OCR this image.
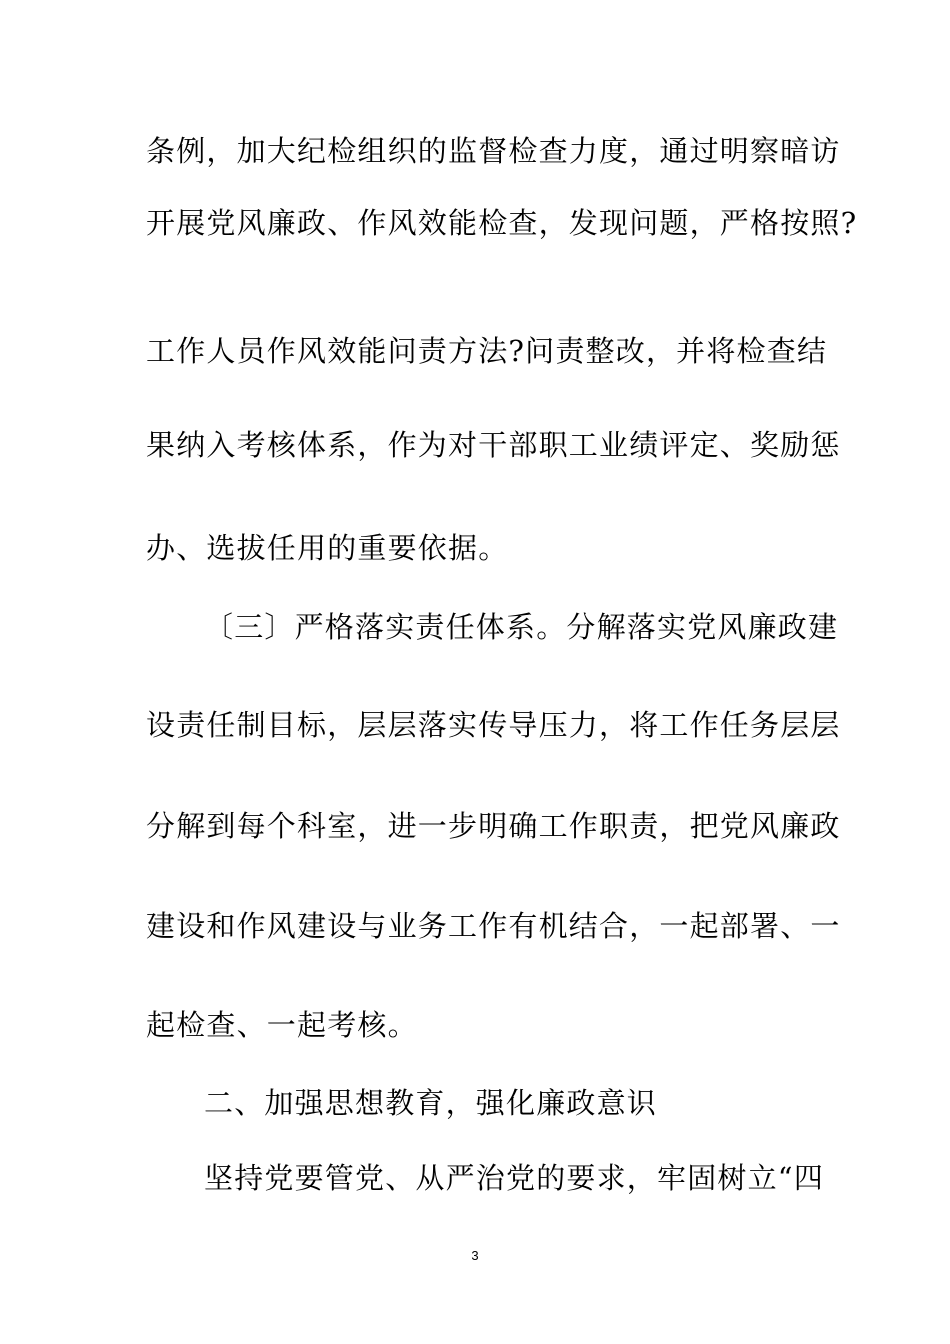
条例，加大纪检组织的监督检查力度，通过明察暗访
开展党风廉政、作风效能检查，发现问题，严格按照?
工作人员作风效能问责方法?问责整改，并将检查结
果纳入考核体系，作为对干部职工业绩评定、奖励惩
办、选拔任用的重要依据。
〔三〕严格落实责任体系。分解落实党风廉政建
设责任制目标，层层落实传导压力，将工作任务层层
分解到每个科室，进一步明确工作职责，把党风廉政
建设和作风建设与业务工作有机结合，一起部署、一
起检查、一起考核。
二、加强思想教育，强化廉政意识
坚持党要管党、从严治党的要求，牢固树立“四
3
